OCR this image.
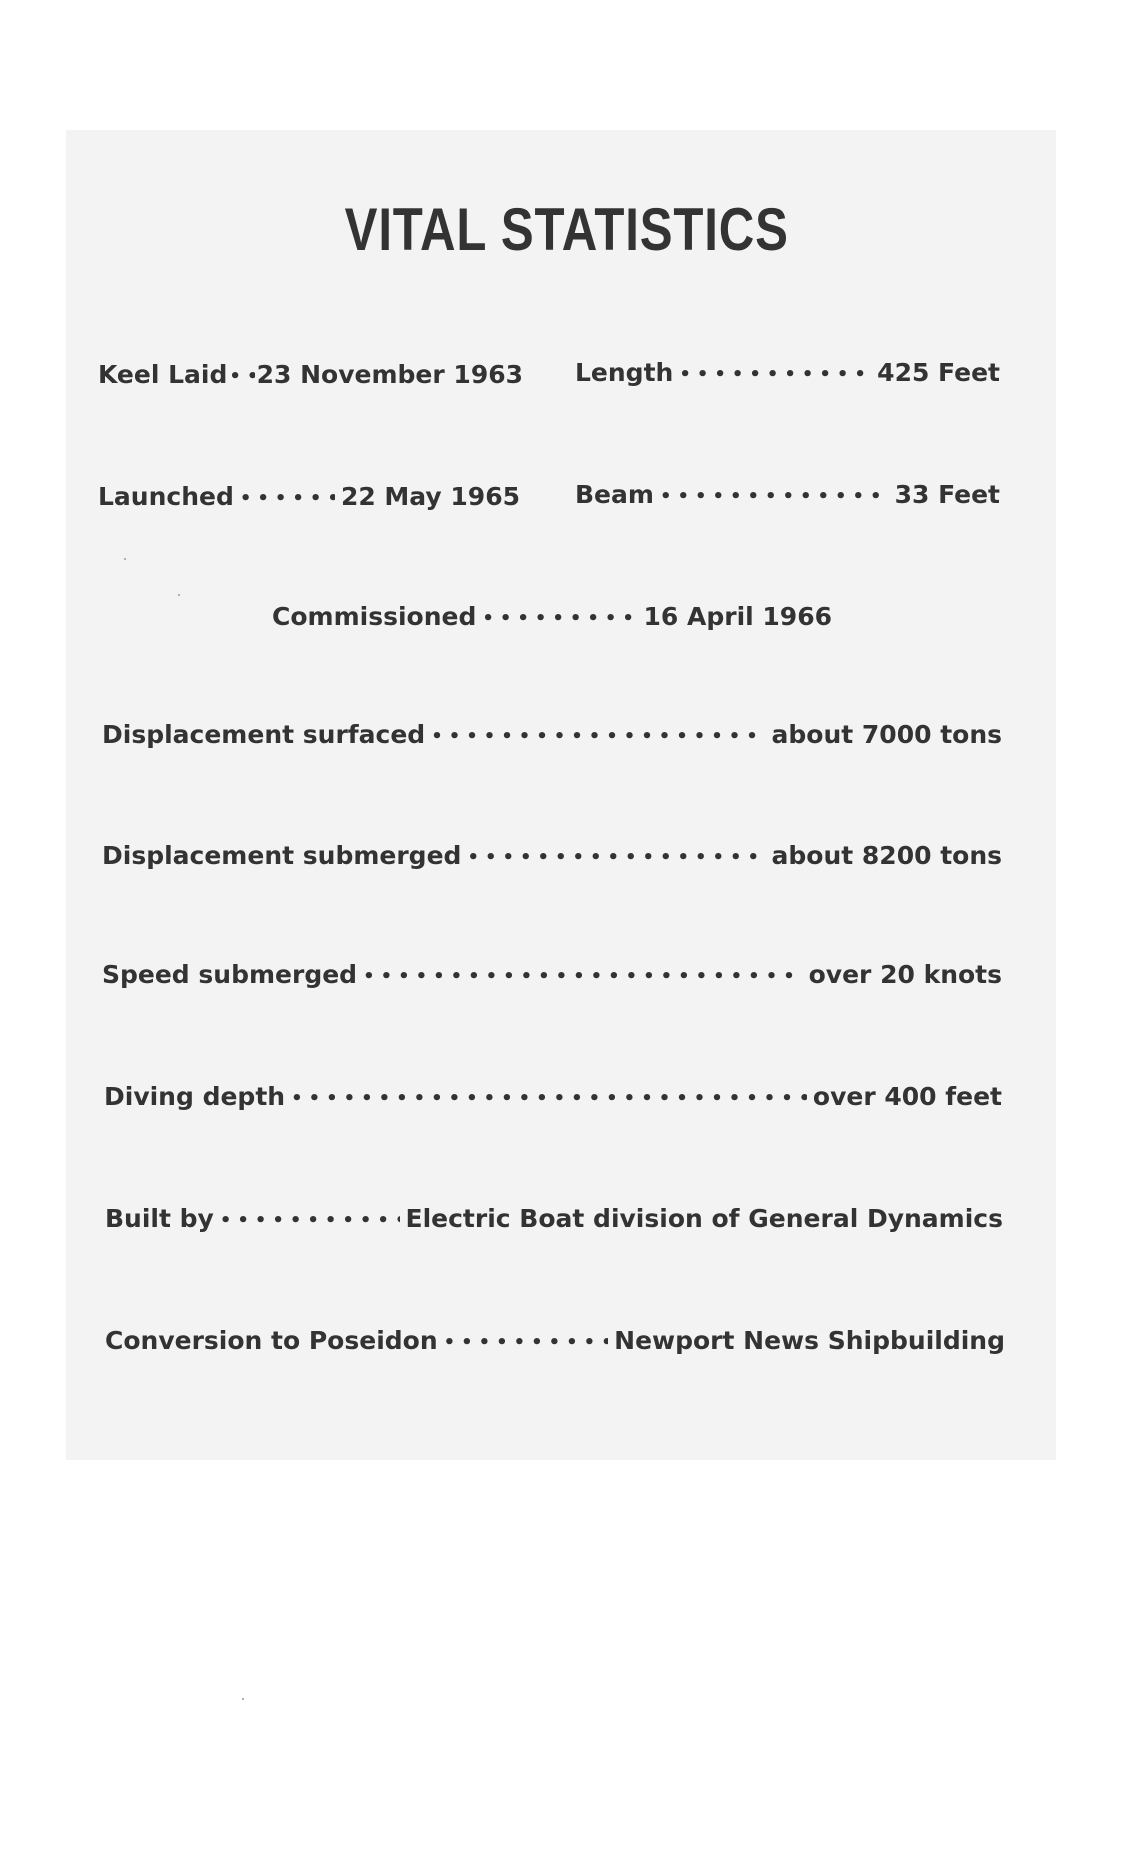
VITAL STATISTICS
Keel Laid ••••• 23 November 1963 Length •••••	425 Feet
Launched •••••	22 May 1965 Beam •••••	33 Feet
Commissioned •••••	16 April 1966
Displacement surfaced •••••	about 7000 tons
Displacement submerged •••••	about 8200 tons
Speed submerged •••••	over 20 knots
Diving depth •••••	over 400 feet
Built by •••••	Electric Boat division of General Dynamics
Conversion to Poseidon •••••	Newport News Shipbuilding
